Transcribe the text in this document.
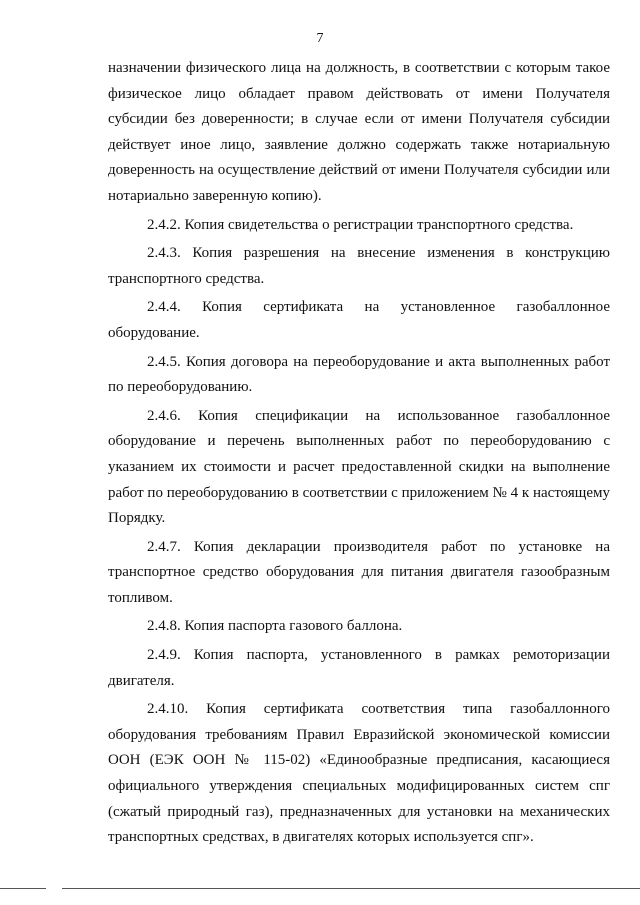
7

назначении физического лица на должность, в соответствии с которым такое физическое лицо обладает правом действовать от имени Получателя субсидии без доверенности; в случае если от имени Получателя субсидии действует иное лицо, заявление должно содержать также нотариальную доверенность на осуществление действий от имени Получателя субсидии или нотариально заверенную копию).

2.4.2. Копия свидетельства о регистрации транспортного средства.

2.4.3. Копия разрешения на внесение изменения в конструкцию транспортного средства.

2.4.4. Копия сертификата на установленное газобаллонное оборудование.

2.4.5. Копия договора на переоборудование и акта выполненных работ по переоборудованию.

2.4.6. Копия спецификации на использованное газобаллонное оборудование и перечень выполненных работ по переоборудованию с указанием их стоимости и расчет предоставленной скидки на выполнение работ по переоборудованию в соответствии с приложением № 4 к настоящему Порядку.

2.4.7. Копия декларации производителя работ по установке на транспортное средство оборудования для питания двигателя газообразным топливом.

2.4.8. Копия паспорта газового баллона.

2.4.9. Копия паспорта, установленного в рамках ремоторизации двигателя.

2.4.10. Копия сертификата соответствия типа газобаллонного оборудования требованиям Правил Евразийской экономической комиссии ООН (ЕЭК ООН № 115-02) «Единообразные предписания, касающиеся официального утверждения специальных модифицированных систем спг (сжатый природный газ), предназначенных для установки на механических транспортных средствах, в двигателях которых используется спг».
